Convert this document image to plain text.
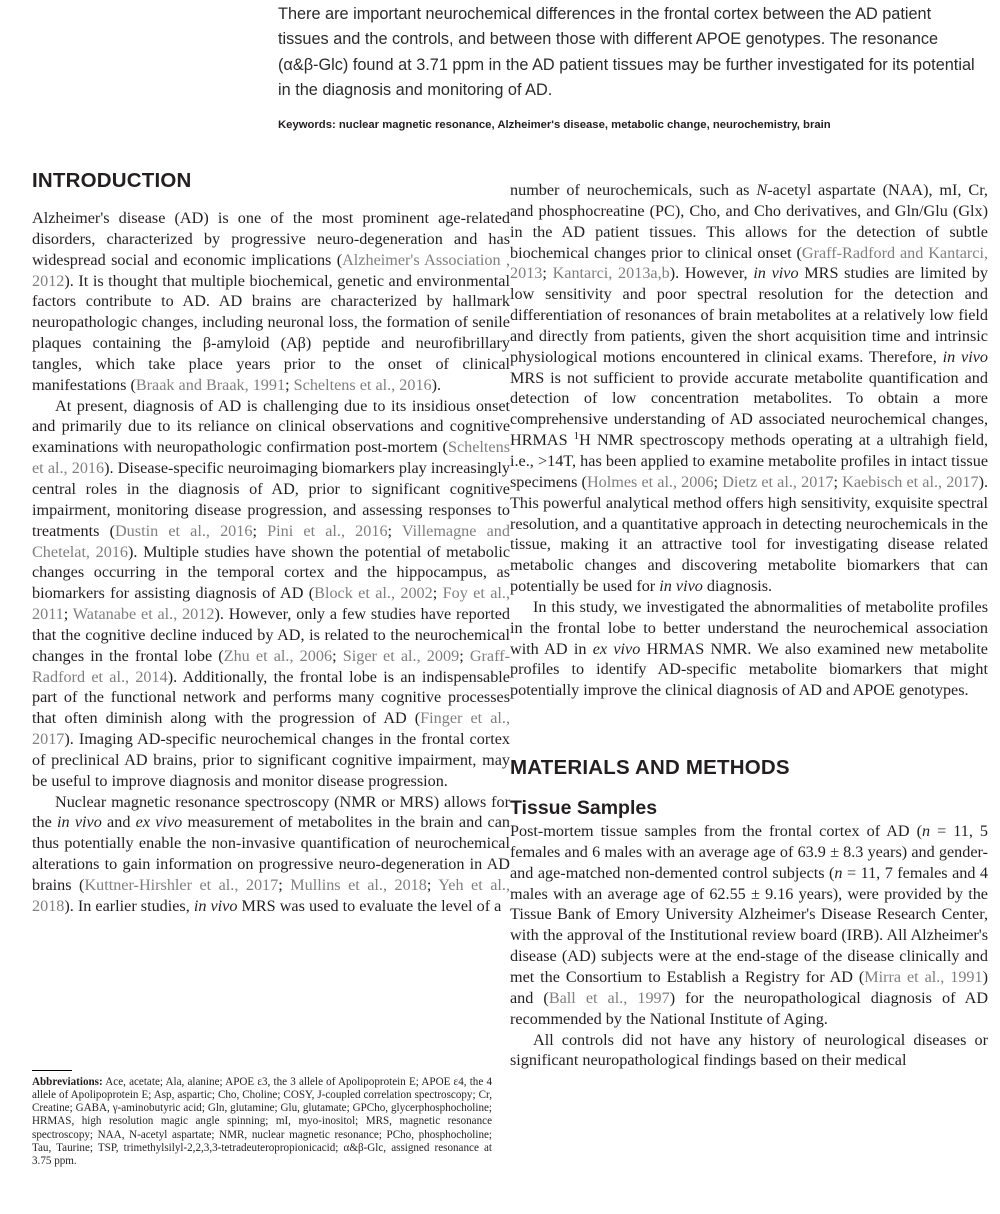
There are important neurochemical differences in the frontal cortex between the AD patient tissues and the controls, and between those with different APOE genotypes. The resonance (α&β-Glc) found at 3.71 ppm in the AD patient tissues may be further investigated for its potential in the diagnosis and monitoring of AD.
Keywords: nuclear magnetic resonance, Alzheimer's disease, metabolic change, neurochemistry, brain
INTRODUCTION

Alzheimer's disease (AD) is one of the most prominent age-related disorders, characterized by progressive neuro-degeneration and has widespread social and economic implications (Alzheimer's Association , 2012). It is thought that multiple biochemical, genetic and environmental factors contribute to AD. AD brains are characterized by hallmark neuropathologic changes, including neuronal loss, the formation of senile plaques containing the β-amyloid (Aβ) peptide and neurofibrillary tangles, which take place years prior to the onset of clinical manifestations (Braak and Braak, 1991; Scheltens et al., 2016).

At present, diagnosis of AD is challenging due to its insidious onset and primarily due to its reliance on clinical observations and cognitive examinations with neuropathologic confirmation post-mortem (Scheltens et al., 2016). Disease-specific neuroimaging biomarkers play increasingly central roles in the diagnosis of AD, prior to significant cognitive impairment, monitoring disease progression, and assessing responses to treatments (Dustin et al., 2016; Pini et al., 2016; Villemagne and Chetelat, 2016). Multiple studies have shown the potential of metabolic changes occurring in the temporal cortex and the hippocampus, as biomarkers for assisting diagnosis of AD (Block et al., 2002; Foy et al., 2011; Watanabe et al., 2012). However, only a few studies have reported that the cognitive decline induced by AD, is related to the neurochemical changes in the frontal lobe (Zhu et al., 2006; Siger et al., 2009; Graff-Radford et al., 2014). Additionally, the frontal lobe is an indispensable part of the functional network and performs many cognitive processes that often diminish along with the progression of AD (Finger et al., 2017). Imaging AD-specific neurochemical changes in the frontal cortex of preclinical AD brains, prior to significant cognitive impairment, may be useful to improve diagnosis and monitor disease progression.

Nuclear magnetic resonance spectroscopy (NMR or MRS) allows for the in vivo and ex vivo measurement of metabolites in the brain and can thus potentially enable the non-invasive quantification of neurochemical alterations to gain information on progressive neuro-degeneration in AD brains (Kuttner-Hirshler et al., 2017; Mullins et al., 2018; Yeh et al., 2018). In earlier studies, in vivo MRS was used to evaluate the level of a

Abbreviations: Ace, acetate; Ala, alanine; APOE ε3, the 3 allele of Apolipoprotein E; APOE ε4, the 4 allele of Apolipoprotein E; Asp, aspartic; Cho, Choline; COSY, J-coupled correlation spectroscopy; Cr, Creatine; GABA, γ-aminobutyric acid; Gln, glutamine; Glu, glutamate; GPCho, glycerphosphocholine; HRMAS, high resolution magic angle spinning; mI, myo-inositol; MRS, magnetic resonance spectroscopy; NAA, N-acetyl aspartate; NMR, nuclear magnetic resonance; PCho, phosphocholine; Tau, Taurine; TSP, trimethylsilyl-2,2,3,3-tetradeuteropropionicacid; α&β-Glc, assigned resonance at 3.75 ppm.

number of neurochemicals, such as N-acetyl aspartate (NAA), mI, Cr, and phosphocreatine (PC), Cho, and Cho derivatives, and Gln/Glu (Glx) in the AD patient tissues. This allows for the detection of subtle biochemical changes prior to clinical onset (Graff-Radford and Kantarci, 2013; Kantarci, 2013a,b). However, in vivo MRS studies are limited by low sensitivity and poor spectral resolution for the detection and differentiation of resonances of brain metabolites at a relatively low field and directly from patients, given the short acquisition time and intrinsic physiological motions encountered in clinical exams. Therefore, in vivo MRS is not sufficient to provide accurate metabolite quantification and detection of low concentration metabolites. To obtain a more comprehensive understanding of AD associated neurochemical changes, HRMAS $^1$H NMR spectroscopy methods operating at a ultrahigh field, i.e., >14T, has been applied to examine metabolite profiles in intact tissue specimens (Holmes et al., 2006; Dietz et al., 2017; Kaebisch et al., 2017). This powerful analytical method offers high sensitivity, exquisite spectral resolution, and a quantitative approach in detecting neurochemicals in the tissue, making it an attractive tool for investigating disease related metabolic changes and discovering metabolite biomarkers that can potentially be used for in vivo diagnosis.

In this study, we investigated the abnormalities of metabolite profiles in the frontal lobe to better understand the neurochemical association with AD in ex vivo HRMAS NMR. We also examined new metabolite profiles to identify AD-specific metabolite biomarkers that might potentially improve the clinical diagnosis of AD and APOE genotypes.

MATERIALS AND METHODS
Tissue Samples

Post-mortem tissue samples from the frontal cortex of AD (n = 11, 5 females and 6 males with an average age of 63.9 ± 8.3 years) and gender- and age-matched non-demented control subjects (n = 11, 7 females and 4 males with an average age of 62.55 ± 9.16 years), were provided by the Tissue Bank of Emory University Alzheimer's Disease Research Center, with the approval of the Institutional review board (IRB). All Alzheimer's disease (AD) subjects were at the end-stage of the disease clinically and met the Consortium to Establish a Registry for AD (Mirra et al., 1991) and (Ball et al., 1997) for the neuropathological diagnosis of AD recommended by the National Institute of Aging.

All controls did not have any history of neurological diseases or significant neuropathological findings based on their medical
